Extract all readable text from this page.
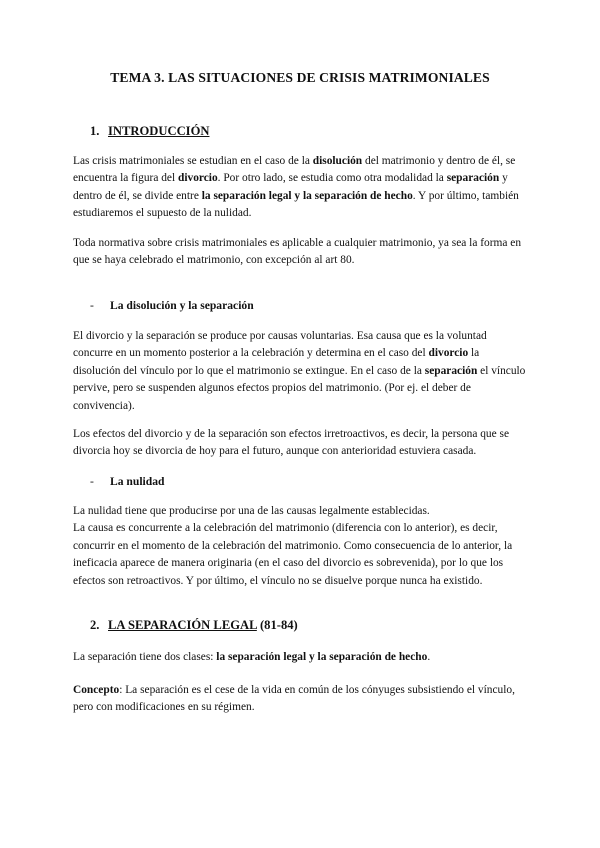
TEMA 3. LAS SITUACIONES DE CRISIS MATRIMONIALES
1. INTRODUCCIÓN

Las crisis matrimoniales se estudian en el caso de la disolución del matrimonio y dentro de él, se encuentra la figura del divorcio. Por otro lado, se estudia como otra modalidad la separación y dentro de él, se divide entre la separación legal y la separación de hecho. Y por último, también estudiaremos el supuesto de la nulidad.

Toda normativa sobre crisis matrimoniales es aplicable a cualquier matrimonio, ya sea la forma en que se haya celebrado el matrimonio, con excepción al art 80.

- La disolución y la separación

El divorcio y la separación se produce por causas voluntarias. Esa causa que es la voluntad concurre en un momento posterior a la celebración y determina en el caso del divorcio la disolución del vínculo por lo que el matrimonio se extingue. En el caso de la separación el vínculo pervive, pero se suspenden algunos efectos propios del matrimonio. (Por ej. el deber de convivencia).

Los efectos del divorcio y de la separación son efectos irretroactivos, es decir, la persona que se divorcia hoy se divorcia de hoy para el futuro, aunque con anterioridad estuviera casada.

- La nulidad

La nulidad tiene que producirse por una de las causas legalmente establecidas.
La causa es concurrente a la celebración del matrimonio (diferencia con lo anterior), es decir, concurrir en el momento de la celebración del matrimonio. Como consecuencia de lo anterior, la ineficacia aparece de manera originaria (en el caso del divorcio es sobrevenida), por lo que los efectos son retroactivos. Y por último, el vínculo no se disuelve porque nunca ha existido.

2. LA SEPARACIÓN LEGAL (81-84)

La separación tiene dos clases: la separación legal y la separación de hecho.

Concepto: La separación es el cese de la vida en común de los cónyuges subsistiendo el vínculo, pero con modificaciones en su régimen.
